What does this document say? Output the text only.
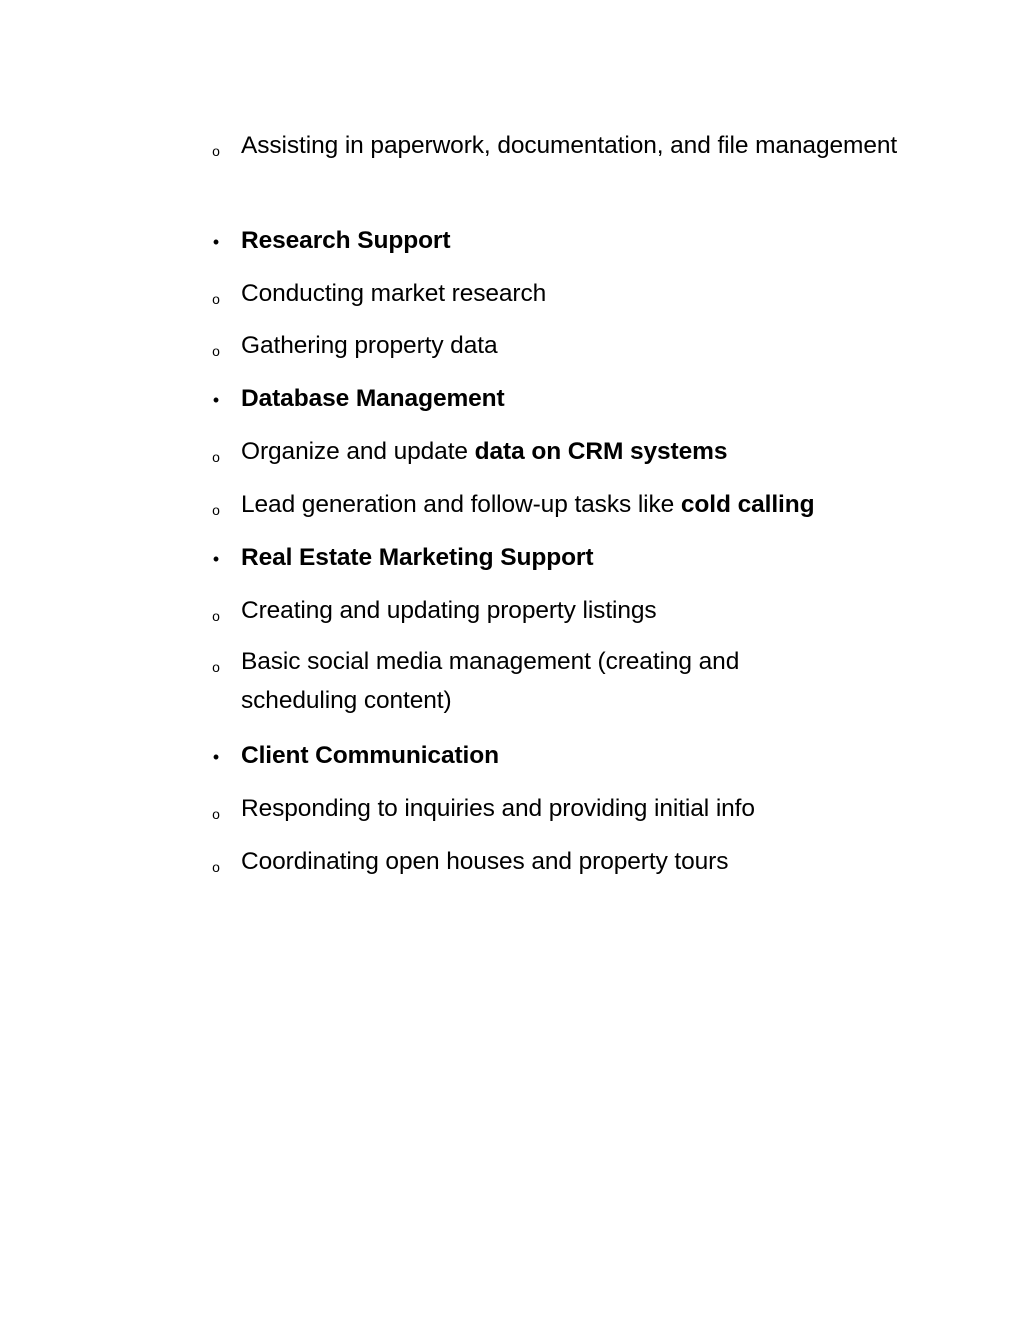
o Assisting in paperwork, documentation, and file management
• Research Support
o Conducting market research
o Gathering property data
• Database Management
o Organize and update data on CRM systems
o Lead generation and follow-up tasks like cold calling
• Real Estate Marketing Support
o Creating and updating property listings
o Basic social media management (creating and scheduling content)
• Client Communication
o Responding to inquiries and providing initial info
o Coordinating open houses and property tours
